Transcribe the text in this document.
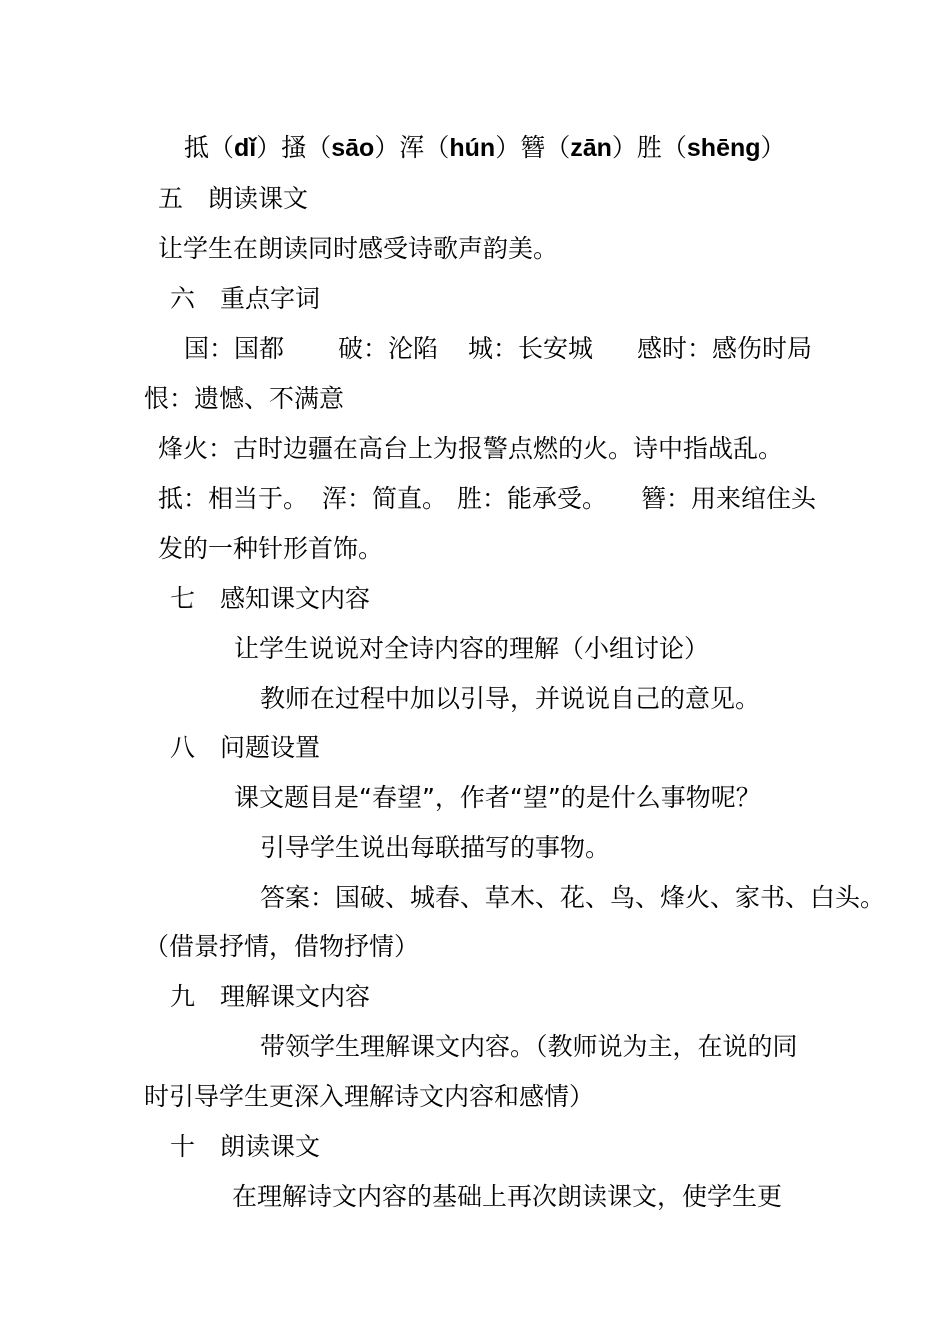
抵（dǐ）搔（sāo）浑（hún）簪（zān）胜（shēng）
五 朗读课文
让学生在朗读同时感受诗歌声韵美。
六 重点字词
国：国都 破：沦陷 城：长安城 感时：感伤时局
恨：遗憾、不满意
烽火：古时边疆在高台上为报警点燃的火。诗中指战乱。
抵：相当于。 浑：简直。 胜：能承受。 簪：用来绾住头
发的一种针形首饰。
七 感知课文内容
让学生说说对全诗内容的理解（小组讨论）
教师在过程中加以引导，并说说自己的意见。
八 问题设置
课文题目是“春望”，作者“望”的是什么事物呢？
引导学生说出每联描写的事物。
答案：国破、城春、草木、花、鸟、烽火、家书、白头。
（借景抒情，借物抒情）
九 理解课文内容
带领学生理解课文内容。（教师说为主，在说的同
时引导学生更深入理解诗文内容和感情）
十 朗读课文
在理解诗文内容的基础上再次朗读课文，使学生更
